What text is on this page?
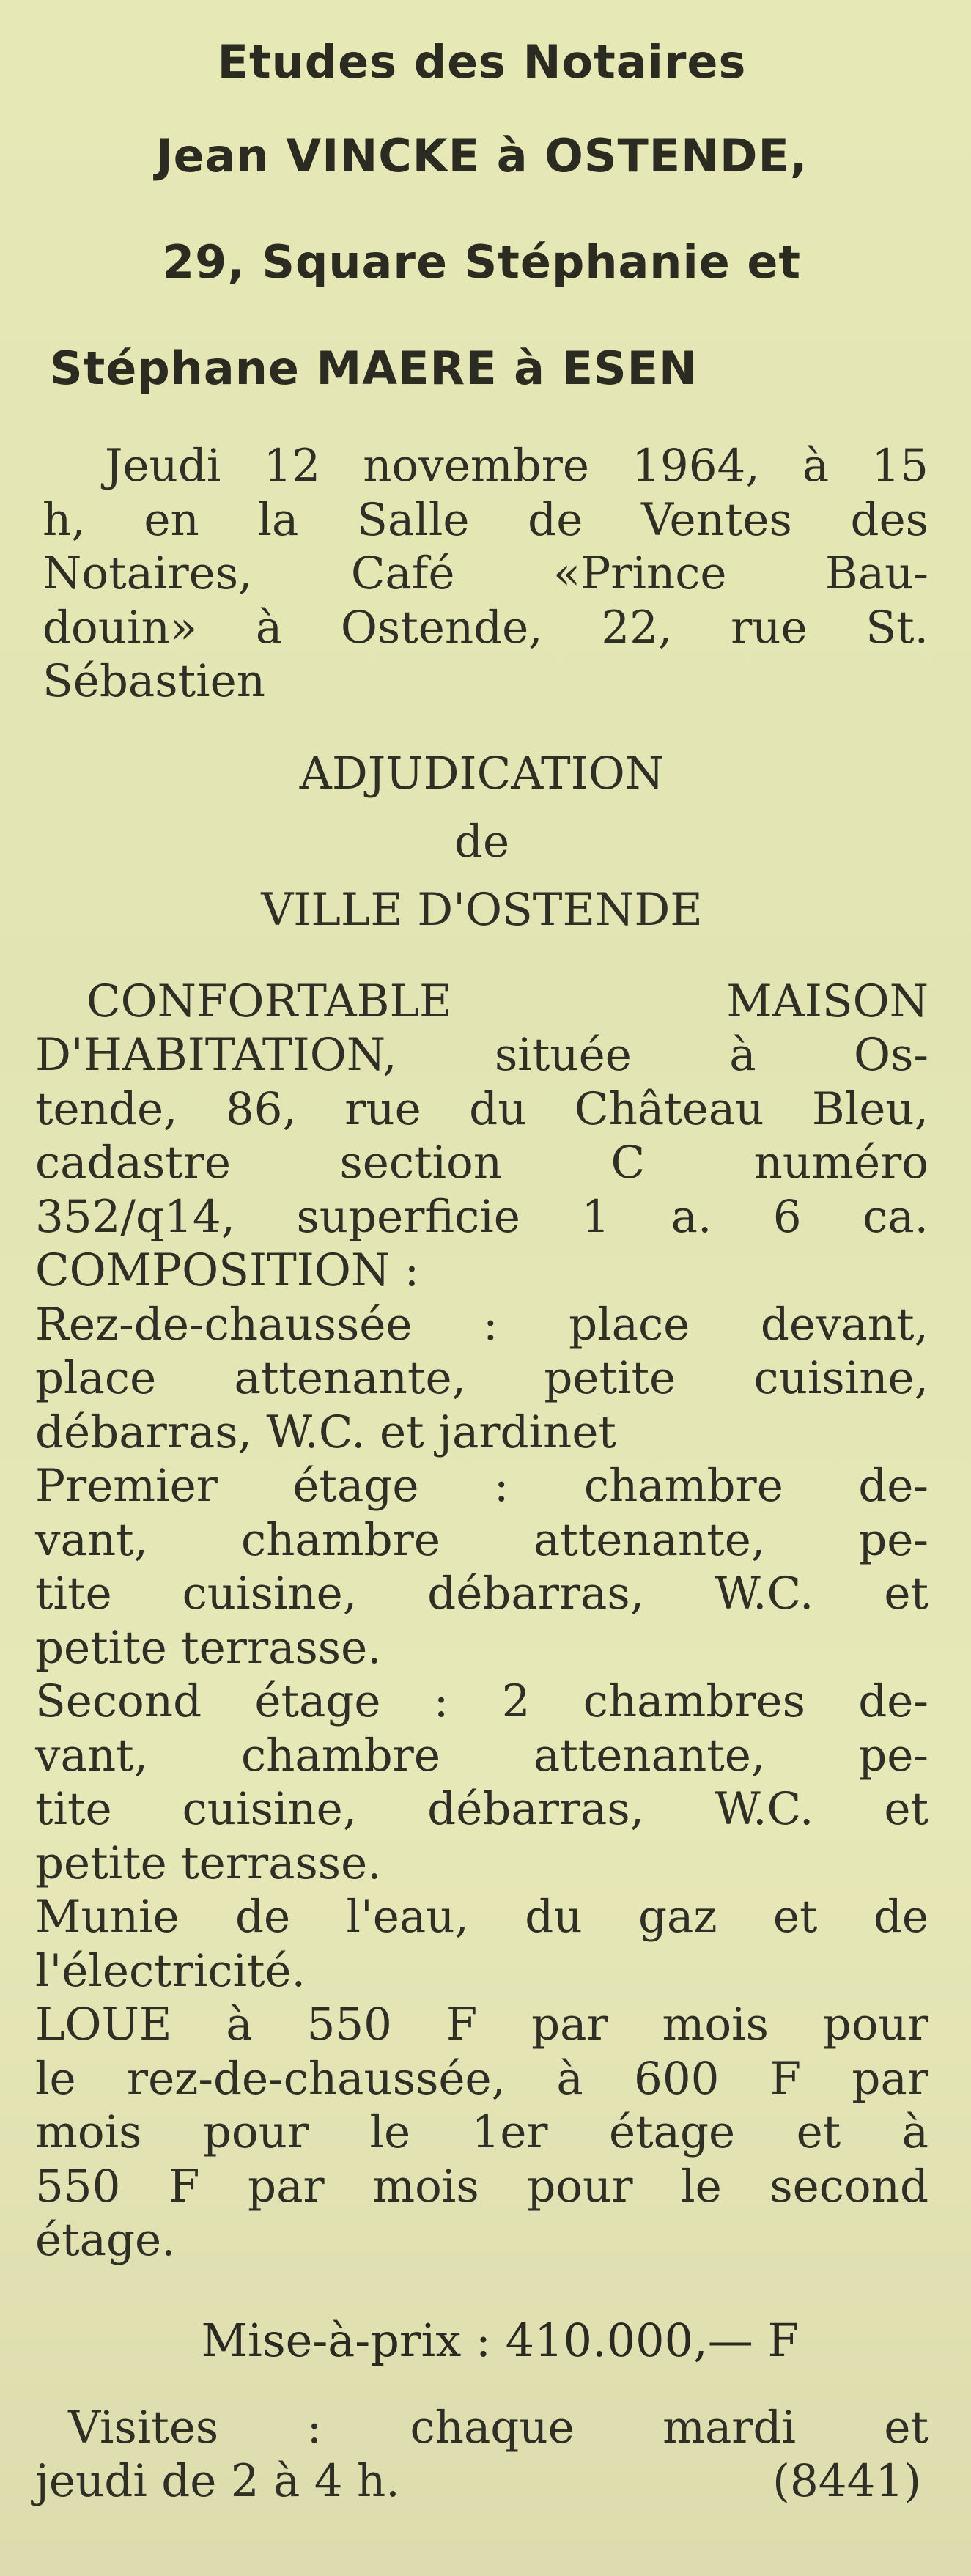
Etudes des Notaires
Jean VINCKE à OSTENDE,
29, Square Stéphanie et
Stéphane MAERE à ESEN
Jeudi 12 novembre 1964, à 15
h, en la Salle de Ventes des
Notaires, Café «Prince Bau-
douin» à Ostende, 22, rue St.
Sébastien
ADJUDICATION
de
VILLE D'OSTENDE
CONFORTABLE MAISON
D'HABITATION, située à Os-
tende, 86, rue du Château Bleu,
cadastre section C numéro
352/q14, superficie 1 a. 6 ca.
COMPOSITION :
Rez-de-chaussée : place devant,
place attenante, petite cuisine,
débarras, W.C. et jardinet
Premier étage : chambre de-
vant, chambre attenante, pe-
tite cuisine, débarras, W.C. et
petite terrasse.
Second étage : 2 chambres de-
vant, chambre attenante, pe-
tite cuisine, débarras, W.C. et
petite terrasse.
Munie de l'eau, du gaz et de
l'électricité.
LOUE à 550 F par mois pour
le rez-de-chaussée, à 600 F par
mois pour le 1er étage et à
550 F par mois pour le second
étage.
Mise-à-prix : 410.000,— F
Visites : chaque mardi et
jeudi de 2 à 4 h.	(8441)
